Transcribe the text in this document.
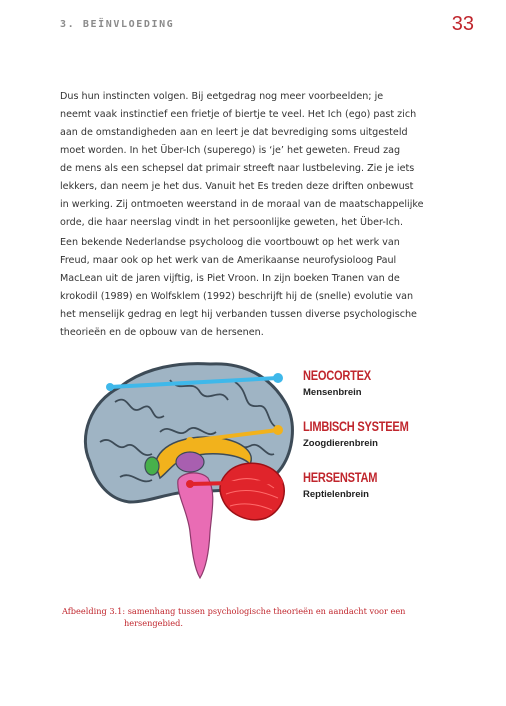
3. BEÏNVLOEDING	33
Dus hun instincten volgen. Bij eetgedrag nog meer voorbeelden; je
neemt vaak instinctief een frietje of biertje te veel. Het Ich (ego) past zich
aan de omstandigheden aan en leert je dat bevrediging soms uitgesteld
moet worden. In het Über-Ich (superego) is ‘je’ het geweten. Freud zag
de mens als een schepsel dat primair streeft naar lustbeleving. Zie je iets
lekkers, dan neem je het dus. Vanuit het Es treden deze driften onbewust
in werking. Zij ontmoeten weerstand in de moraal van de maatschappelijke
orde, die haar neerslag vindt in het persoonlijke geweten, het Über-Ich.
Een bekende Nederlandse psycholoog die voortbouwt op het werk van
Freud, maar ook op het werk van de Amerikaanse neurofysioloog Paul
MacLean uit de jaren vijftig, is Piet Vroon. In zijn boeken Tranen van de
krokodil (1989) en Wolfsklem (1992) beschrijft hij de (snelle) evolutie van
het menselijk gedrag en legt hij verbanden tussen diverse psychologische
theorieën en de opbouw van de hersenen.
NEOCORTEX
Mensenbrein
LIMBISCH SYSTEEM
Zoogdierenbrein
HERSENSTAM
Reptielenbrein
Afbeelding 3.1: samenhang tussen psychologische theorieën en aandacht voor een
hersengebied.
